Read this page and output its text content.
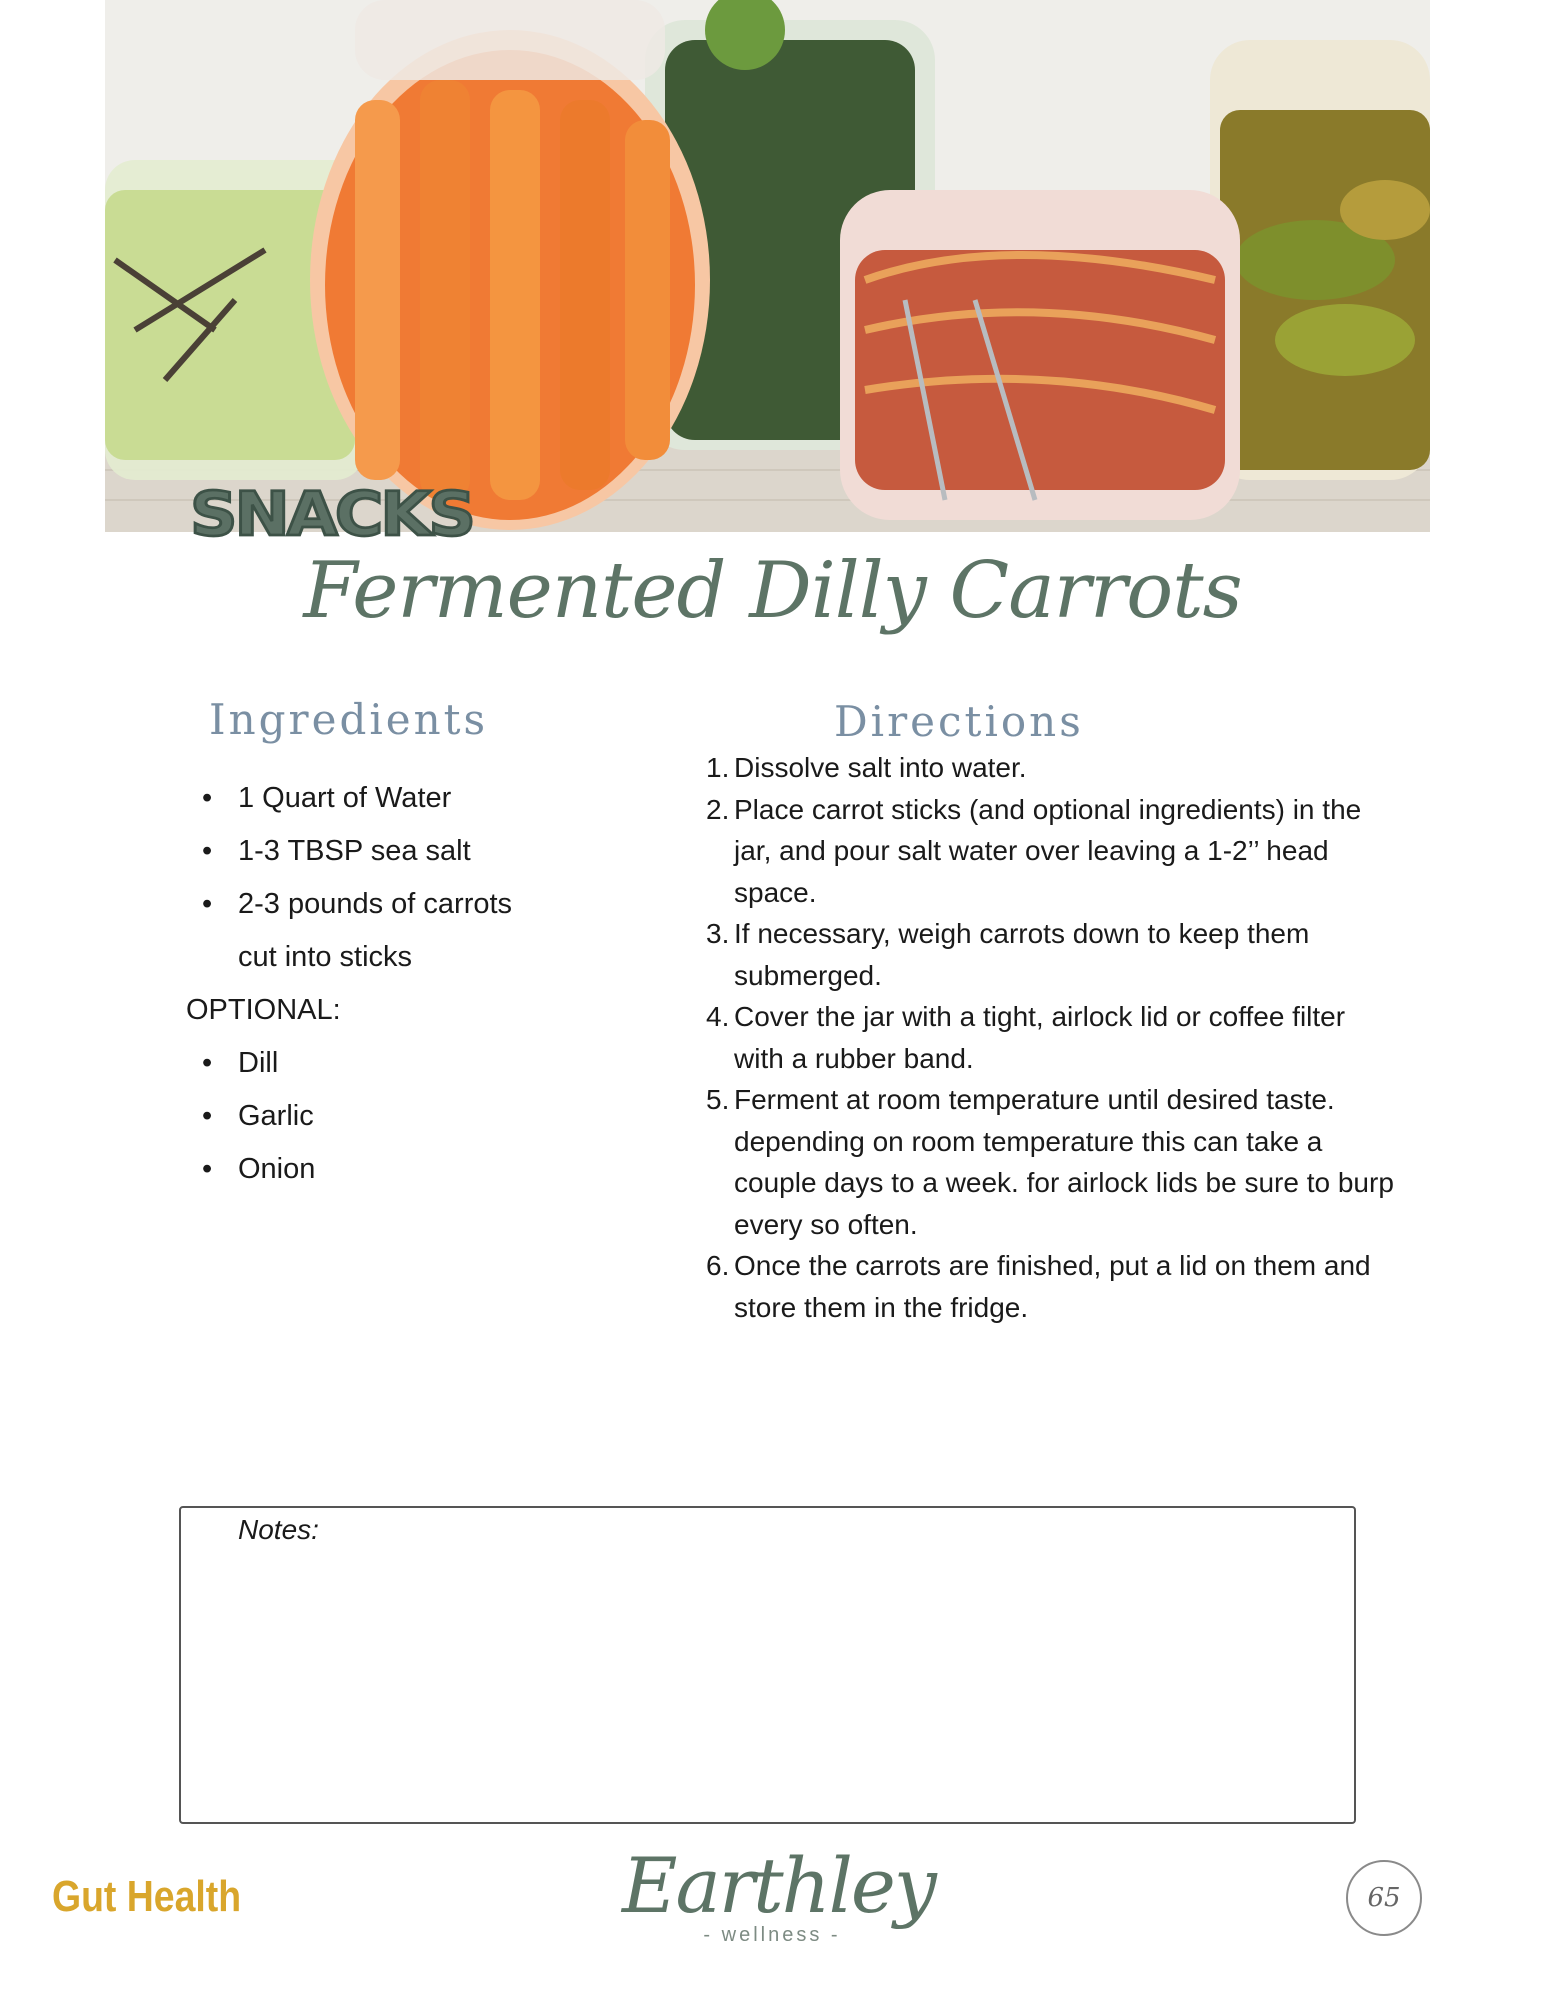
SNACKS
Fermented Dilly Carrots
Ingredients
• 1 Quart of Water
• 1-3 TBSP sea salt
• 2-3 pounds of carrots cut into sticks
OPTIONAL:
• Dill
• Garlic
• Onion
Directions
1. Dissolve salt into water.
2. Place carrot sticks (and optional ingredients) in the jar, and pour salt water over leaving a 1-2’’ head space.
3. If necessary, weigh carrots down to keep them submerged.
4. Cover the jar with a tight, airlock lid or coffee filter with a rubber band.
5. Ferment at room temperature until desired taste. depending on room temperature this can take a couple days to a week. for airlock lids be sure to burp every so often.
6. Once the carrots are finished, put a lid on them and store them in the fridge.
Notes:
Gut Health	Earthley
- wellness -
65
